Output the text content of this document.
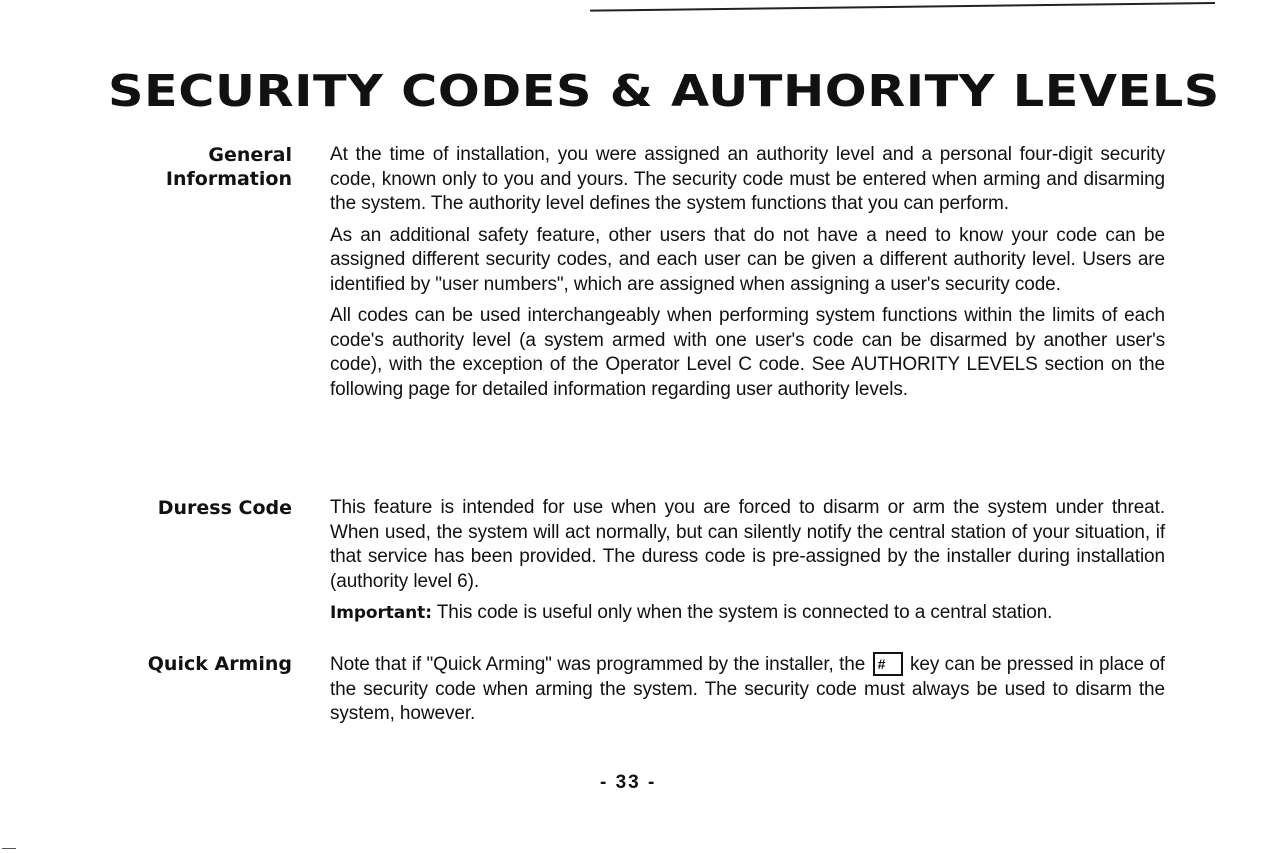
SECURITY CODES & AUTHORITY LEVELS
General
Information

At the time of installation, you were assigned an authority level and a personal four-digit security code, known only to you and yours. The security code must be entered when arming and disarming the system. The authority level defines the system functions that you can perform.

As an additional safety feature, other users that do not have a need to know your code can be assigned different security codes, and each user can be given a different authority level. Users are identified by "user numbers", which are assigned when assigning a user's security code.

All codes can be used interchangeably when performing system functions within the limits of each code's authority level (a system armed with one user's code can be disarmed by another user's code), with the exception of the Operator Level C code. See AUTHORITY LEVELS section on the following page for detailed information regarding user authority levels.

Duress Code This feature is intended for use when you are forced to disarm or arm the system under threat. When used, the system will act normally, but can silently notify the central station of your situation, if that service has been provided. The duress code is pre-assigned by the installer during installation (authority level 6).

Important: This code is useful only when the system is connected to a central station.

Quick Arming Note that if "Quick Arming" was programmed by the installer, the # key can be pressed in place of the security code when arming the system. The security code must always be used to disarm the system, however.

- 33 -
